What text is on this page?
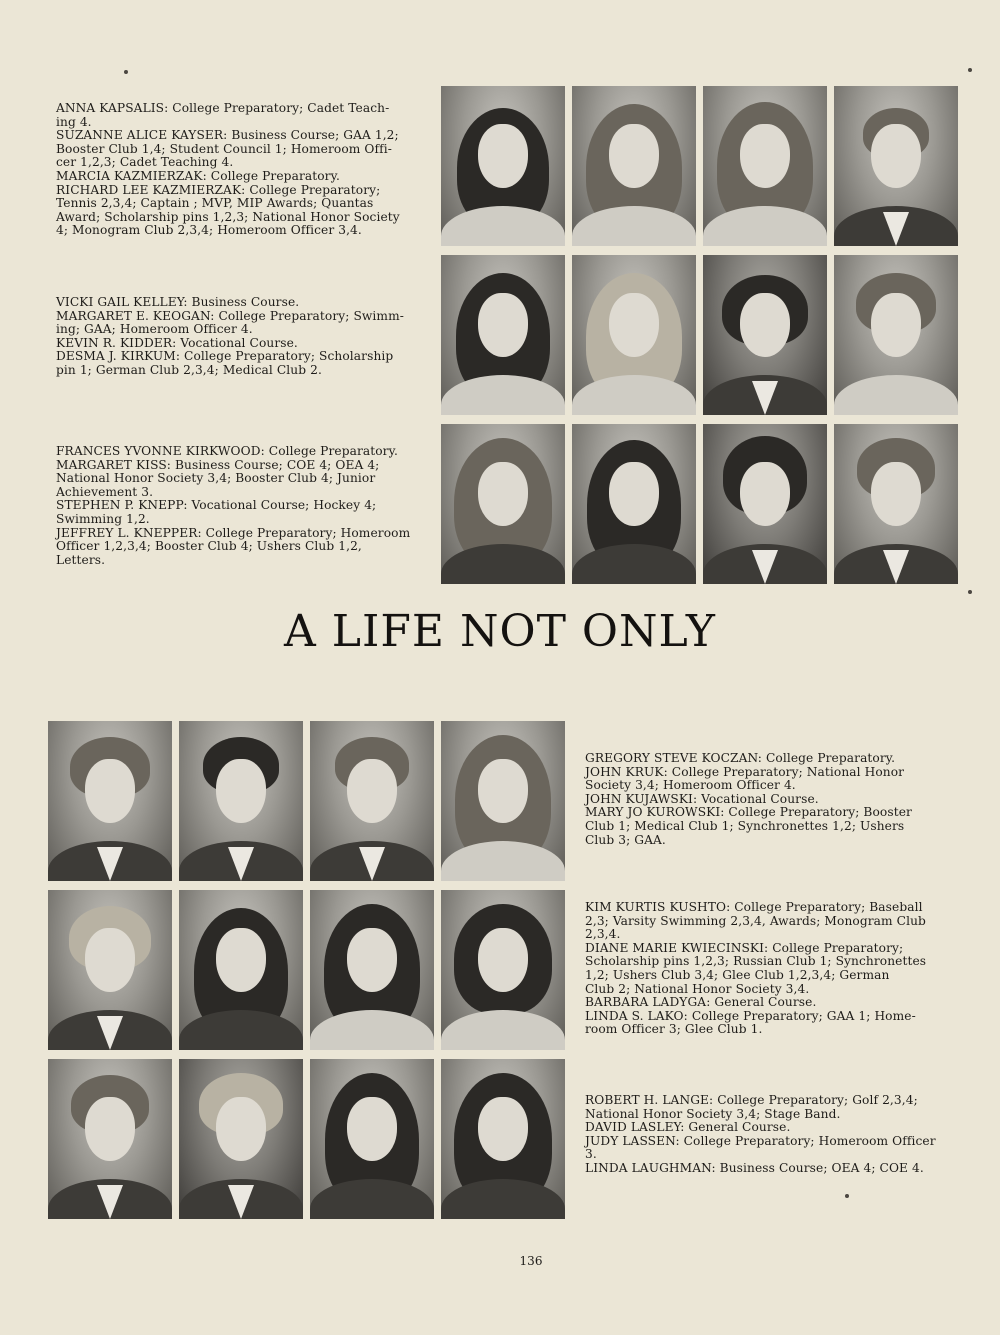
ANNA KAPSALIS: College Preparatory; Cadet Teach-

ing 4.

SUZANNE ALICE KAYSER: Business Course; GAA 1,2;

Booster Club 1,4; Student Council 1; Homeroom Offi-

cer 1,2,3; Cadet Teaching 4.

MARCIA KAZMIERZAK: College Preparatory.

RICHARD LEE KAZMIERZAK: College Preparatory;

Tennis 2,3,4; Captain ; MVP, MIP Awards; Quantas

Award; Scholarship pins 1,2,3; National Honor Society

4; Monogram Club 2,3,4; Homeroom Officer 3,4.

VICKI GAIL KELLEY: Business Course.

MARGARET E. KEOGAN: College Preparatory; Swimm-

ing; GAA; Homeroom Officer 4.

KEVIN R. KIDDER: Vocational Course.

DESMA J. KIRKUM: College Preparatory; Scholarship

pin 1; German Club 2,3,4; Medical Club 2.

FRANCES YVONNE KIRKWOOD: College Preparatory.

MARGARET KISS: Business Course; COE 4; OEA 4;

National Honor Society 3,4; Booster Club 4; Junior

Achievement 3.

STEPHEN P. KNEPP: Vocational Course; Hockey 4;

Swimming 1,2.

JEFFREY L. KNEPPER: College Preparatory; Homeroom

Officer 1,2,3,4; Booster Club 4; Ushers Club 1,2,

Letters.

A LIFE NOT ONLY

GREGORY STEVE KOCZAN: College Preparatory.

JOHN KRUK: College Preparatory; National Honor

Society 3,4; Homeroom Officer 4.

JOHN KUJAWSKI: Vocational Course.

MARY JO KUROWSKI: College Preparatory; Booster

Club 1; Medical Club 1; Synchronettes 1,2; Ushers

Club 3; GAA.

KIM KURTIS KUSHTO: College Preparatory; Baseball

2,3; Varsity Swimming 2,3,4, Awards; Monogram Club

2,3,4.

DIANE MARIE KWIECINSKI: College Preparatory;

Scholarship pins 1,2,3; Russian Club 1; Synchronettes

1,2; Ushers Club 3,4; Glee Club 1,2,3,4; German

Club 2; National Honor Society 3,4.

BARBARA LADYGA: General Course.

LINDA S. LAKO: College Preparatory; GAA 1; Home-

room Officer 3; Glee Club 1.

ROBERT H. LANGE: College Preparatory; Golf 2,3,4;

National Honor Society 3,4; Stage Band.

DAVID LASLEY: General Course.

JUDY LASSEN: College Preparatory; Homeroom Officer

3.

LINDA LAUGHMAN: Business Course; OEA 4; COE 4.

136
